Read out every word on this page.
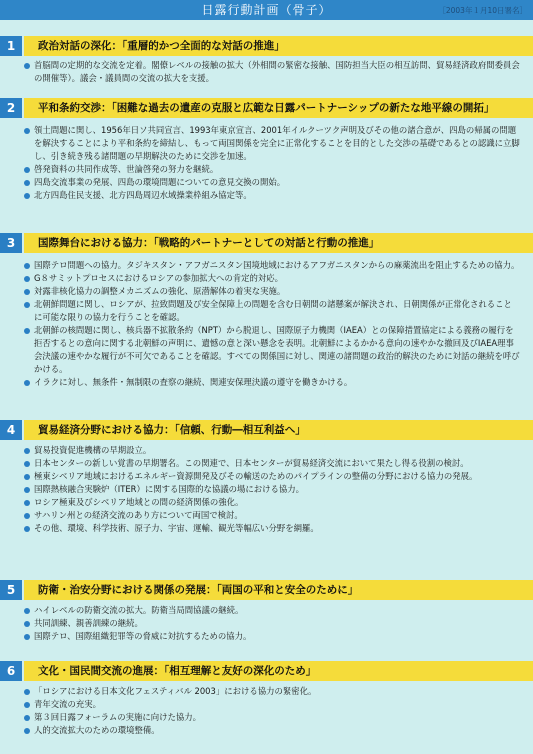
日露行動計画（骨子）	［2003年１月10日署名］
1	政治対話の深化：「重層的かつ全面的な対話の推進」
首脳間の定期的な交流を定着。閣僚レベルの接触の拡大（外相間の緊密な接触、国防担当大臣の相互訪問、貿易経済政府間委員会の開催等）。議会・議員間の交流の拡大を支援。
2	平和条約交渉：「困難な過去の遺産の克服と広範な日露パートナーシップの新たな地平線の開拓」
領土問題に関し、1956年日ソ共同宣言、1993年東京宣言、2001年イルクーツク声明及びその他の諸合意が、四島の帰属の問題を解決することにより平和条約を締結し、もって両国関係を完全に正常化することを目的とした交渉の基礎であるとの認識に立脚し、引き続き残る諸問題の早期解決のために交渉を加速。
啓発資料の共同作成等、世論啓発の努力を継続。
四島交流事業の発展、四島の環境問題についての意見交換の開始。
北方四島住民支援、北方四島周辺水域操業枠組み協定等。
3	国際舞台における協力：「戦略的パートナーとしての対話と行動の推進」
国際テロ問題への協力。タジキスタン・アフガニスタン国境地域におけるアフガニスタンからの麻薬流出を阻止するための協力。
G８サミットプロセスにおけるロシアの参加拡大への肯定的対応。
対露非核化協力の調整メカニズムの強化、原潜解体の着実な実施。
北朝鮮問題に関し、ロシアが、拉致問題及び安全保障上の問題を含む日朝間の諸懸案が解決され、日朝関係が正常化されることに可能な限りの協力を行うことを確認。
北朝鮮の核問題に関し、核兵器不拡散条約（NPT）から脱退し、国際原子力機関（IAEA）との保障措置協定による義務の履行を拒否するとの意向に関する北朝鮮の声明に、遺憾の意と深い懸念を表明。北朝鮮によるかかる意向の速やかな撤回及びIAEA理事会決議の速やかな履行が不可欠であることを確認。すべての関係国に対し、関連の諸問題の政治的解決のために対話の継続を呼びかける。
イラクに対し、無条件・無制限の査察の継続、関連安保理決議の遵守を働きかける。
4	貿易経済分野における協力：「信頼、行動―相互利益へ」
貿易投資促進機構の早期設立。
日本センターの新しい覚書の早期署名。この関連で、日本センターが貿易経済交流において果たし得る役割の検討。
極東シベリア地域におけるエネルギー資源開発及びその輸送のためのパイプラインの整備の分野における協力の発展。
国際熱核融合実験炉（ITER）に関する国際的な協議の場における協力。
ロシア極東及びシベリア地域との間の経済関係の強化。
サハリン州との経済交流のあり方について両国で検討。
その他、環境、科学技術、原子力、宇宙、運輸、観光等幅広い分野を網羅。
5	防衛・治安分野における関係の発展：「両国の平和と安全のために」
ハイレベルの防衛交流の拡大。防衛当局間協議の継続。
共同訓練、親善訓練の継続。
国際テロ、国際組織犯罪等の脅威に対抗するための協力。
6	文化・国民間交流の進展：「相互理解と友好の深化のため」
「ロシアにおける日本文化フェスティバル 2003」における協力の緊密化。
青年交流の充実。
第３回日露フォーラムの実施に向けた協力。
人的交流拡大のための環境整備。
